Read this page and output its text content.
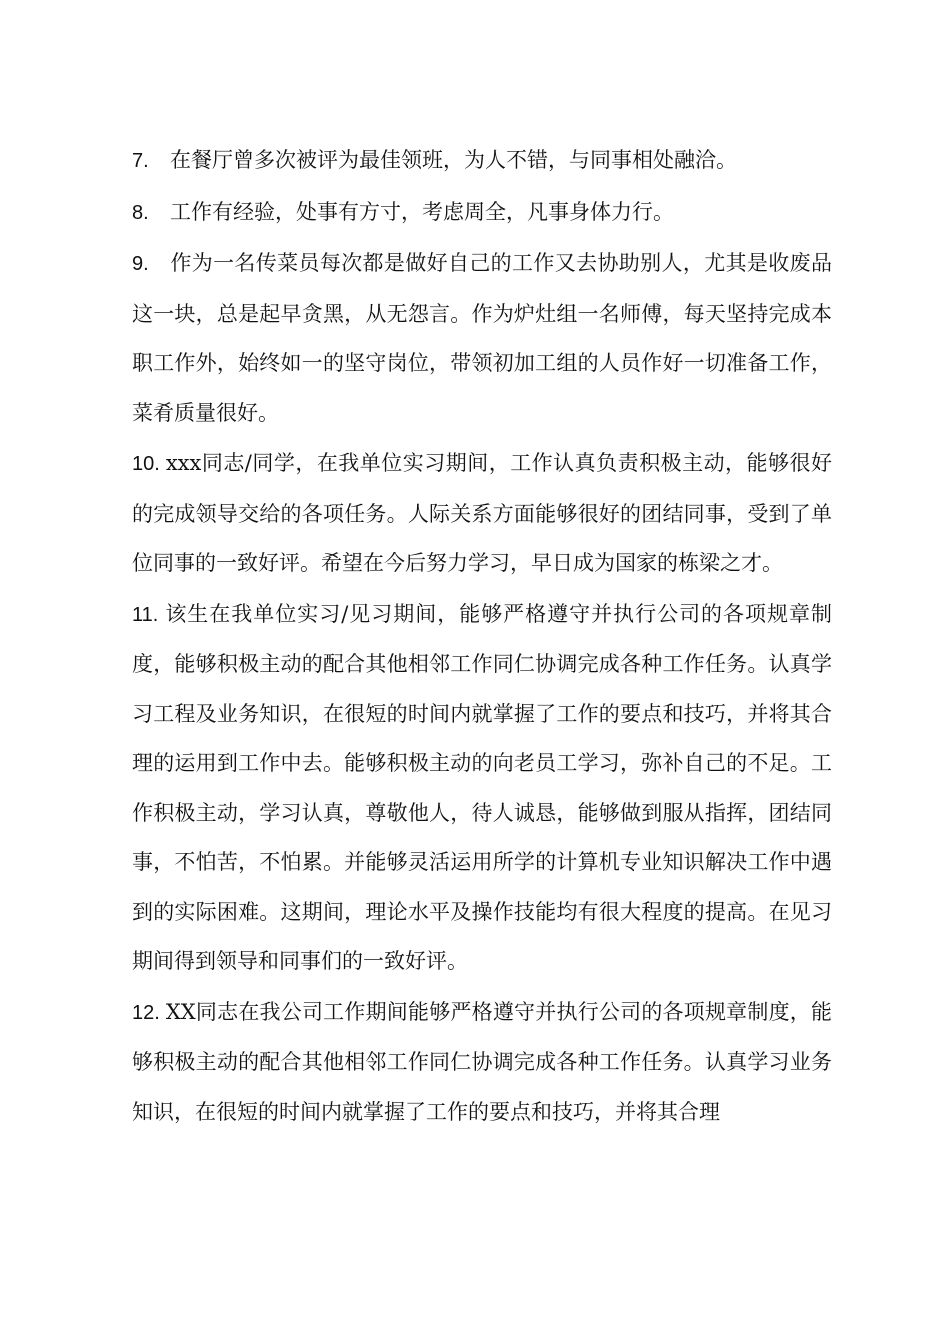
7. 在餐厅曾多次被评为最佳领班，为人不错，与同事相处融洽。

8. 工作有经验，处事有方寸，考虑周全，凡事身体力行。

9. 作为一名传菜员每次都是做好自己的工作又去协助别人，尤其是收废品这一块，总是起早贪黑，从无怨言。作为炉灶组一名师傅，每天坚持完成本职工作外，始终如一的坚守岗位，带领初加工组的人员作好一切准备工作，菜肴质量很好。

10. xxx同志/同学，在我单位实习期间，工作认真负责积极主动，能够很好的完成领导交给的各项任务。人际关系方面能够很好的团结同事，受到了单位同事的一致好评。希望在今后努力学习，早日成为国家的栋梁之才。

11. 该生在我单位实习/见习期间，能够严格遵守并执行公司的各项规章制度，能够积极主动的配合其他相邻工作同仁协调完成各种工作任务。认真学习工程及业务知识，在很短的时间内就掌握了工作的要点和技巧，并将其合理的运用到工作中去。能够积极主动的向老员工学习，弥补自己的不足。工作积极主动，学习认真，尊敬他人，待人诚恳，能够做到服从指挥，团结同事，不怕苦，不怕累。并能够灵活运用所学的计算机专业知识解决工作中遇到的实际困难。这期间，理论水平及操作技能均有很大程度的提高。在见习期间得到领导和同事们的一致好评。

12. XX同志在我公司工作期间能够严格遵守并执行公司的各项规章制度，能够积极主动的配合其他相邻工作同仁协调完成各种工作任务。认真学习业务知识，在很短的时间内就掌握了工作的要点和技巧，并将其合理
